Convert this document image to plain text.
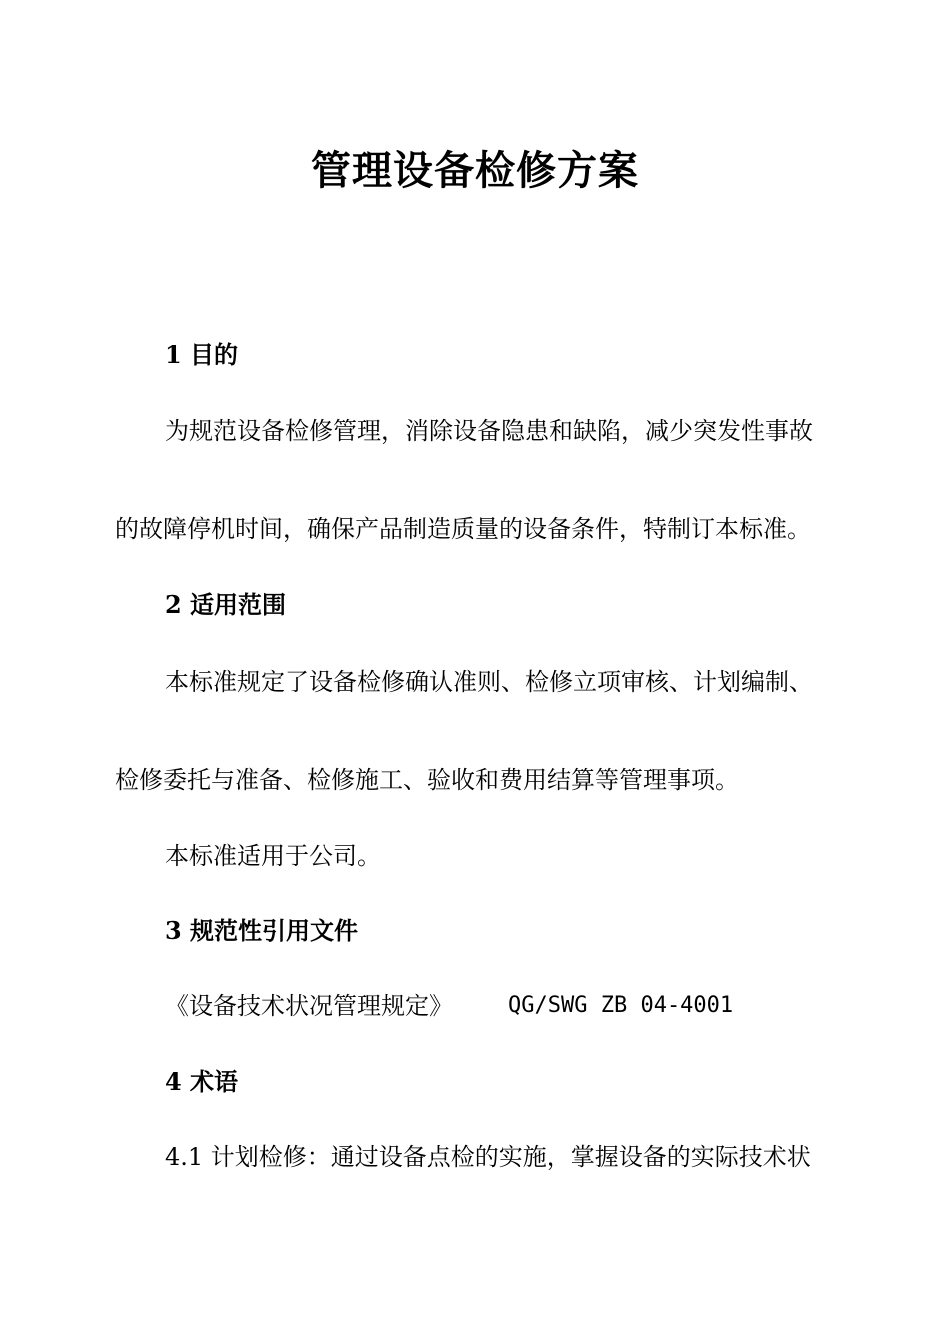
管理设备检修方案
1 目的
为规范设备检修管理，消除设备隐患和缺陷，减少突发性事故
的故障停机时间，确保产品制造质量的设备条件，特制订本标准。
2 适用范围
本标准规定了设备检修确认准则、检修立项审核、计划编制、
检修委托与准备、检修施工、验收和费用结算等管理事项。
本标准适用于公司。
3 规范性引用文件
《设备技术状况管理规定》	QG/SWG ZB 04-4001
4 术语
4.1 计划检修：通过设备点检的实施，掌握设备的实际技术状
